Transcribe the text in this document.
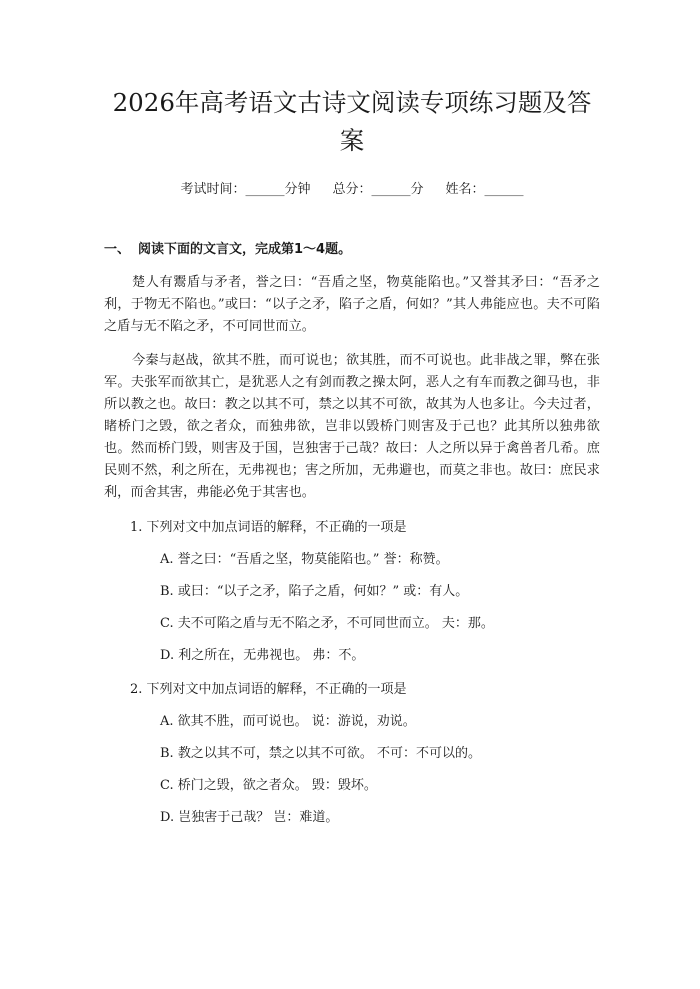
2026年高考语文古诗文阅读专项练习题及答案
考试时间：______分钟 总分：______分 姓名：______
一、 阅读下面的文言文，完成第1～4题。

楚人有鬻盾与矛者，誉之曰：“吾盾之坚，物莫能陷也。”又誉其矛曰：“吾矛之利，于物无不陷也。”或曰：“以子之矛，陷子之盾，何如？”其人弗能应也。夫不可陷之盾与无不陷之矛，不可同世而立。

今秦与赵战，欲其不胜，而可说也；欲其胜，而不可说也。此非战之罪，弊在张军。夫张军而欲其亡，是犹恶人之有剑而教之操太阿，恶人之有车而教之御马也，非所以教之也。故曰：教之以其不可，禁之以其不可欲，故其为人也多让。今夫过者，睹桥门之毁，欲之者众，而独弗欲，岂非以毁桥门则害及于己也？此其所以独弗欲也。然而桥门毁，则害及于国，岂独害于己哉？故曰：人之所以异于禽兽者几希。庶民则不然，利之所在，无弗视也；害之所加，无弗避也，而莫之非也。故曰：庶民求利，而舍其害，弗能必免于其害也。

1. 下列对文中加点词语的解释，不正确的一项是
A. 誉之曰：“吾盾之坚，物莫能陷也。” 誉：称赞。
B. 或曰：“以子之矛，陷子之盾，何如？” 或：有人。
C. 夫不可陷之盾与无不陷之矛，不可同世而立。 夫：那。
D. 利之所在，无弗视也。 弗：不。
2. 下列对文中加点词语的解释，不正确的一项是
A. 欲其不胜，而可说也。 说：游说，劝说。
B. 教之以其不可，禁之以其不可欲。 不可：不可以的。
C. 桥门之毁，欲之者众。 毁：毁坏。
D. 岂独害于己哉？ 岂：难道。
